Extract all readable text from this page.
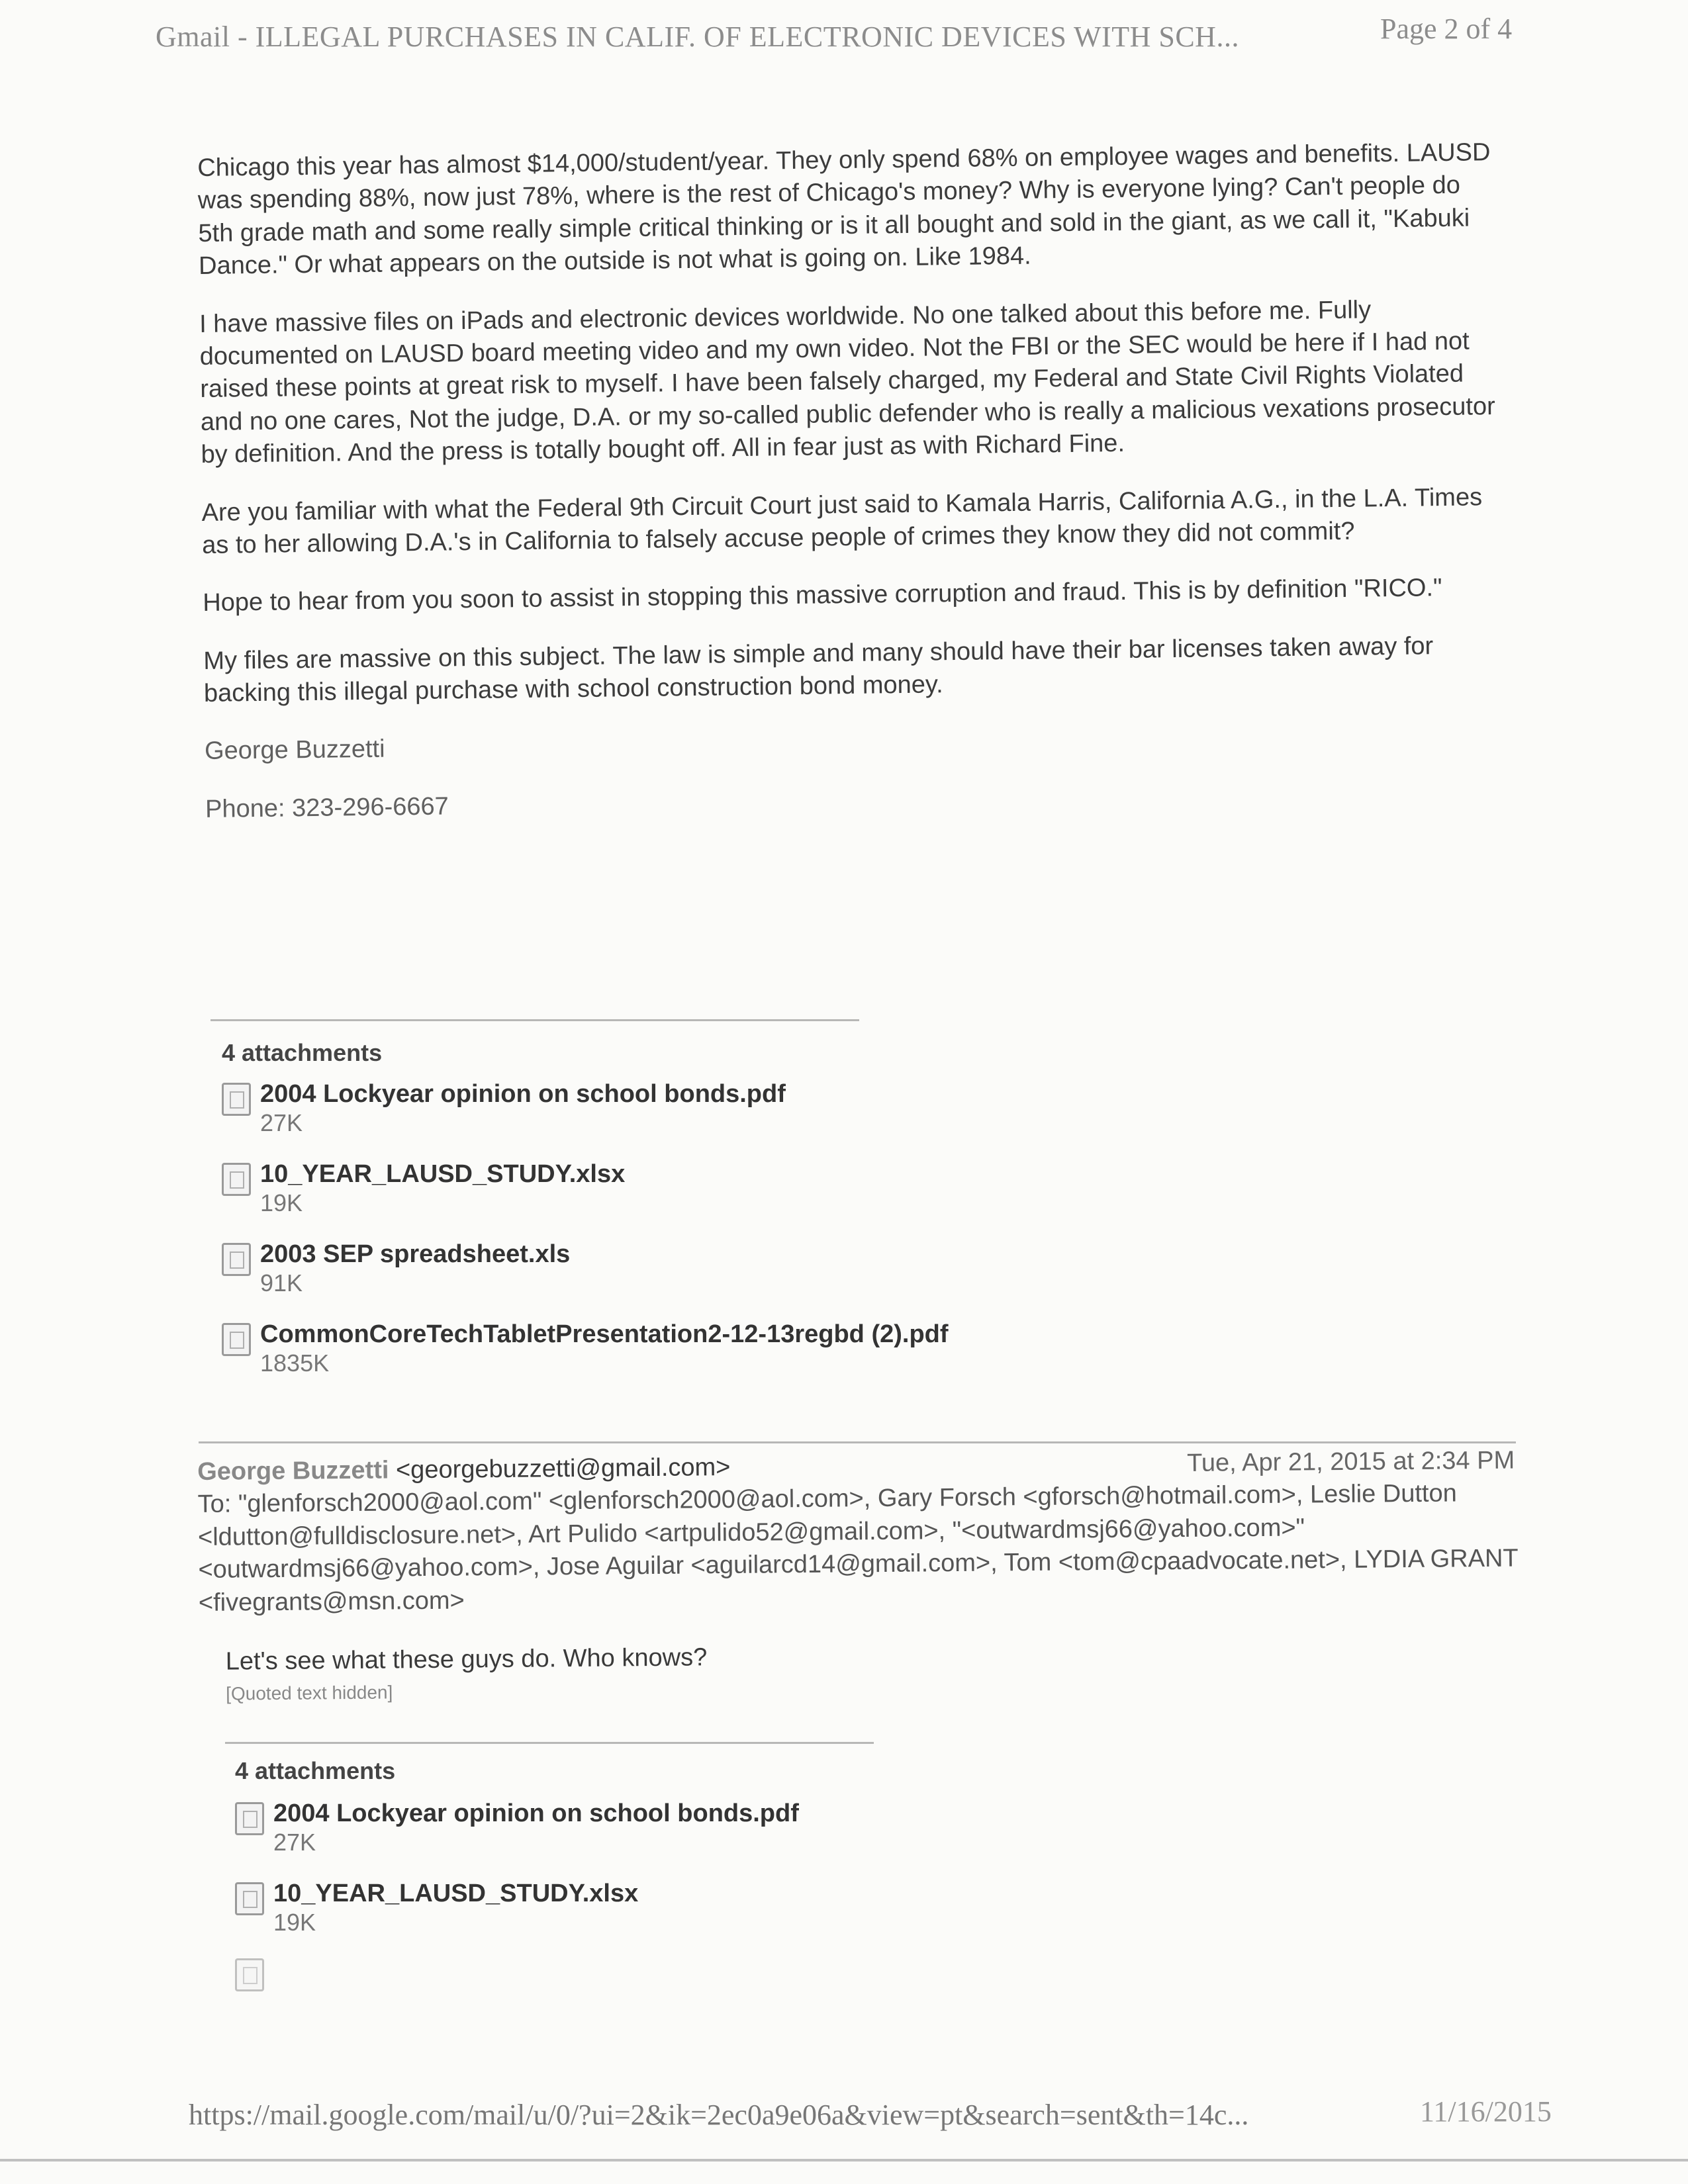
Gmail - ILLEGAL PURCHASES IN CALIF. OF ELECTRONIC DEVICES WITH SCH...	Page 2 of 4

Chicago this year has almost $14,000/student/year. They only spend 68% on employee wages and benefits. LAUSD was spending 88%, now just 78%, where is the rest of Chicago's money? Why is everyone lying? Can't people do 5th grade math and some really simple critical thinking or is it all bought and sold in the giant, as we call it, "Kabuki Dance." Or what appears on the outside is not what is going on. Like 1984.

I have massive files on iPads and electronic devices worldwide. No one talked about this before me. Fully documented on LAUSD board meeting video and my own video. Not the FBI or the SEC would be here if I had not raised these points at great risk to myself. I have been falsely charged, my Federal and State Civil Rights Violated and no one cares, Not the judge, D.A. or my so-called public defender who is really a malicious vexations prosecutor by definition. And the press is totally bought off. All in fear just as with Richard Fine.

Are you familiar with what the Federal 9th Circuit Court just said to Kamala Harris, California A.G., in the L.A. Times as to her allowing D.A.'s in California to falsely accuse people of crimes they know they did not commit?

Hope to hear from you soon to assist in stopping this massive corruption and fraud. This is by definition "RICO."

My files are massive on this subject. The law is simple and many should have their bar licenses taken away for backing this illegal purchase with school construction bond money.

George Buzzetti

Phone: 323-296-6667

4 attachments
2004 Lockyear opinion on school bonds.pdf
27K
10_YEAR_LAUSD_STUDY.xlsx
19K
2003 SEP spreadsheet.xls
91K
CommonCoreTechTabletPresentation2-12-13regbd (2).pdf
1835K
George Buzzetti <georgebuzzetti@gmail.com>	Tue, Apr 21, 2015 at 2:34 PM
To: "glenforsch2000@aol.com" <glenforsch2000@aol.com>, Gary Forsch <gforsch@hotmail.com>, Leslie Dutton <ldutton@fulldisclosure.net>, Art Pulido <artpulido52@gmail.com>, "<outwardmsj66@yahoo.com>" <outwardmsj66@yahoo.com>, Jose Aguilar <aguilarcd14@gmail.com>, Tom <tom@cpaadvocate.net>, LYDIA GRANT <fivegrants@msn.com>
Let's see what these guys do. Who knows?
[Quoted text hidden]
4 attachments
2004 Lockyear opinion on school bonds.pdf
27K
10_YEAR_LAUSD_STUDY.xlsx
19K
https://mail.google.com/mail/u/0/?ui=2&ik=2ec0a9e06a&view=pt&search=sent&th=14c...	11/16/2015
